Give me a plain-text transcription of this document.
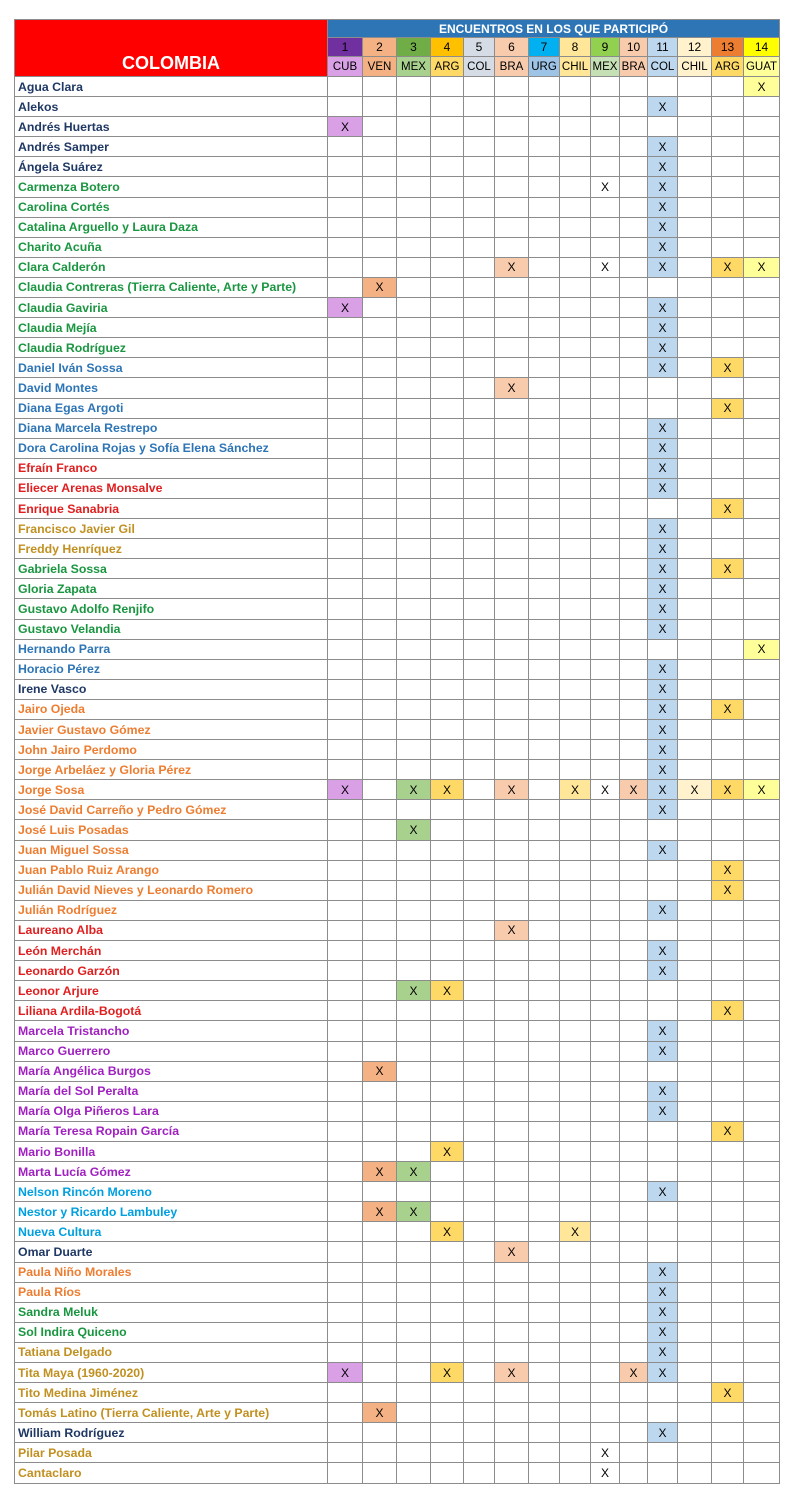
COLOMBIA	ENCUENTROS EN LOS QUE PARTICIPÓ													
	1	2	3	4	5	6	7	8	9	10	11	12	13	14
	CUB	VEN	MEX	ARG	COL	BRA	URG	CHIL	MEX	BRA	COL	CHIL	ARG	GUAT
Agua Clara														X
Alekos											X			
Andrés Huertas	X													
Andrés Samper											X			
Ángela Suárez											X			
Carmenza Botero									X		X			
Carolina Cortés											X			
Catalina Arguello y Laura Daza											X			
Charito Acuña											X			
Clara Calderón						X			X		X		X	X
Claudia Contreras (Tierra Caliente, Arte y Parte)		X												
Claudia Gaviria	X										X			
Claudia Mejía											X			
Claudia Rodríguez											X			
Daniel Iván Sossa											X		X	
David Montes						X								
Diana Egas Argoti													X	
Diana Marcela Restrepo											X			
Dora Carolina Rojas y Sofía Elena Sánchez											X			
Efraín Franco											X			
Eliecer Arenas Monsalve											X			
Enrique Sanabria													X	
Francisco Javier Gil											X			
Freddy Henríquez											X			
Gabriela Sossa											X		X	
Gloria Zapata											X			
Gustavo Adolfo Renjifo											X			
Gustavo Velandia											X			
Hernando Parra														X
Horacio Pérez											X			
Irene Vasco											X			
Jairo Ojeda											X		X	
Javier Gustavo Gómez											X			
John Jairo Perdomo											X			
Jorge Arbeláez y Gloria Pérez											X			
Jorge Sosa	X		X	X		X		X	X	X	X	X	X	X
José David Carreño y Pedro Gómez											X			
José Luis Posadas			X											
Juan Miguel Sossa											X			
Juan Pablo Ruiz Arango													X	
Julián David Nieves y Leonardo Romero													X	
Julián Rodríguez											X			
Laureano Alba						X								
León Merchán											X			
Leonardo Garzón											X			
Leonor Arjure			X	X										
Liliana Ardila-Bogotá													X	
Marcela Tristancho											X			
Marco Guerrero											X			
María Angélica Burgos		X												
María del Sol Peralta											X			
María Olga Piñeros Lara											X			
María Teresa Ropain García													X	
Mario Bonilla				X										
Marta Lucía Gómez		X	X											
Nelson Rincón Moreno											X			
Nestor y Ricardo Lambuley		X	X											
Nueva Cultura				X				X						
Omar Duarte						X								
Paula Niño Morales											X			
Paula Ríos											X			
Sandra Meluk											X			
Sol Indira Quiceno											X			
Tatiana Delgado											X			
Tita Maya (1960-2020)	X			X		X				X	X			
Tito Medina Jiménez													X	
Tomás Latino (Tierra Caliente, Arte y Parte)		X												
William Rodríguez											X			
Pilar Posada									X					
Cantaclaro									X					
